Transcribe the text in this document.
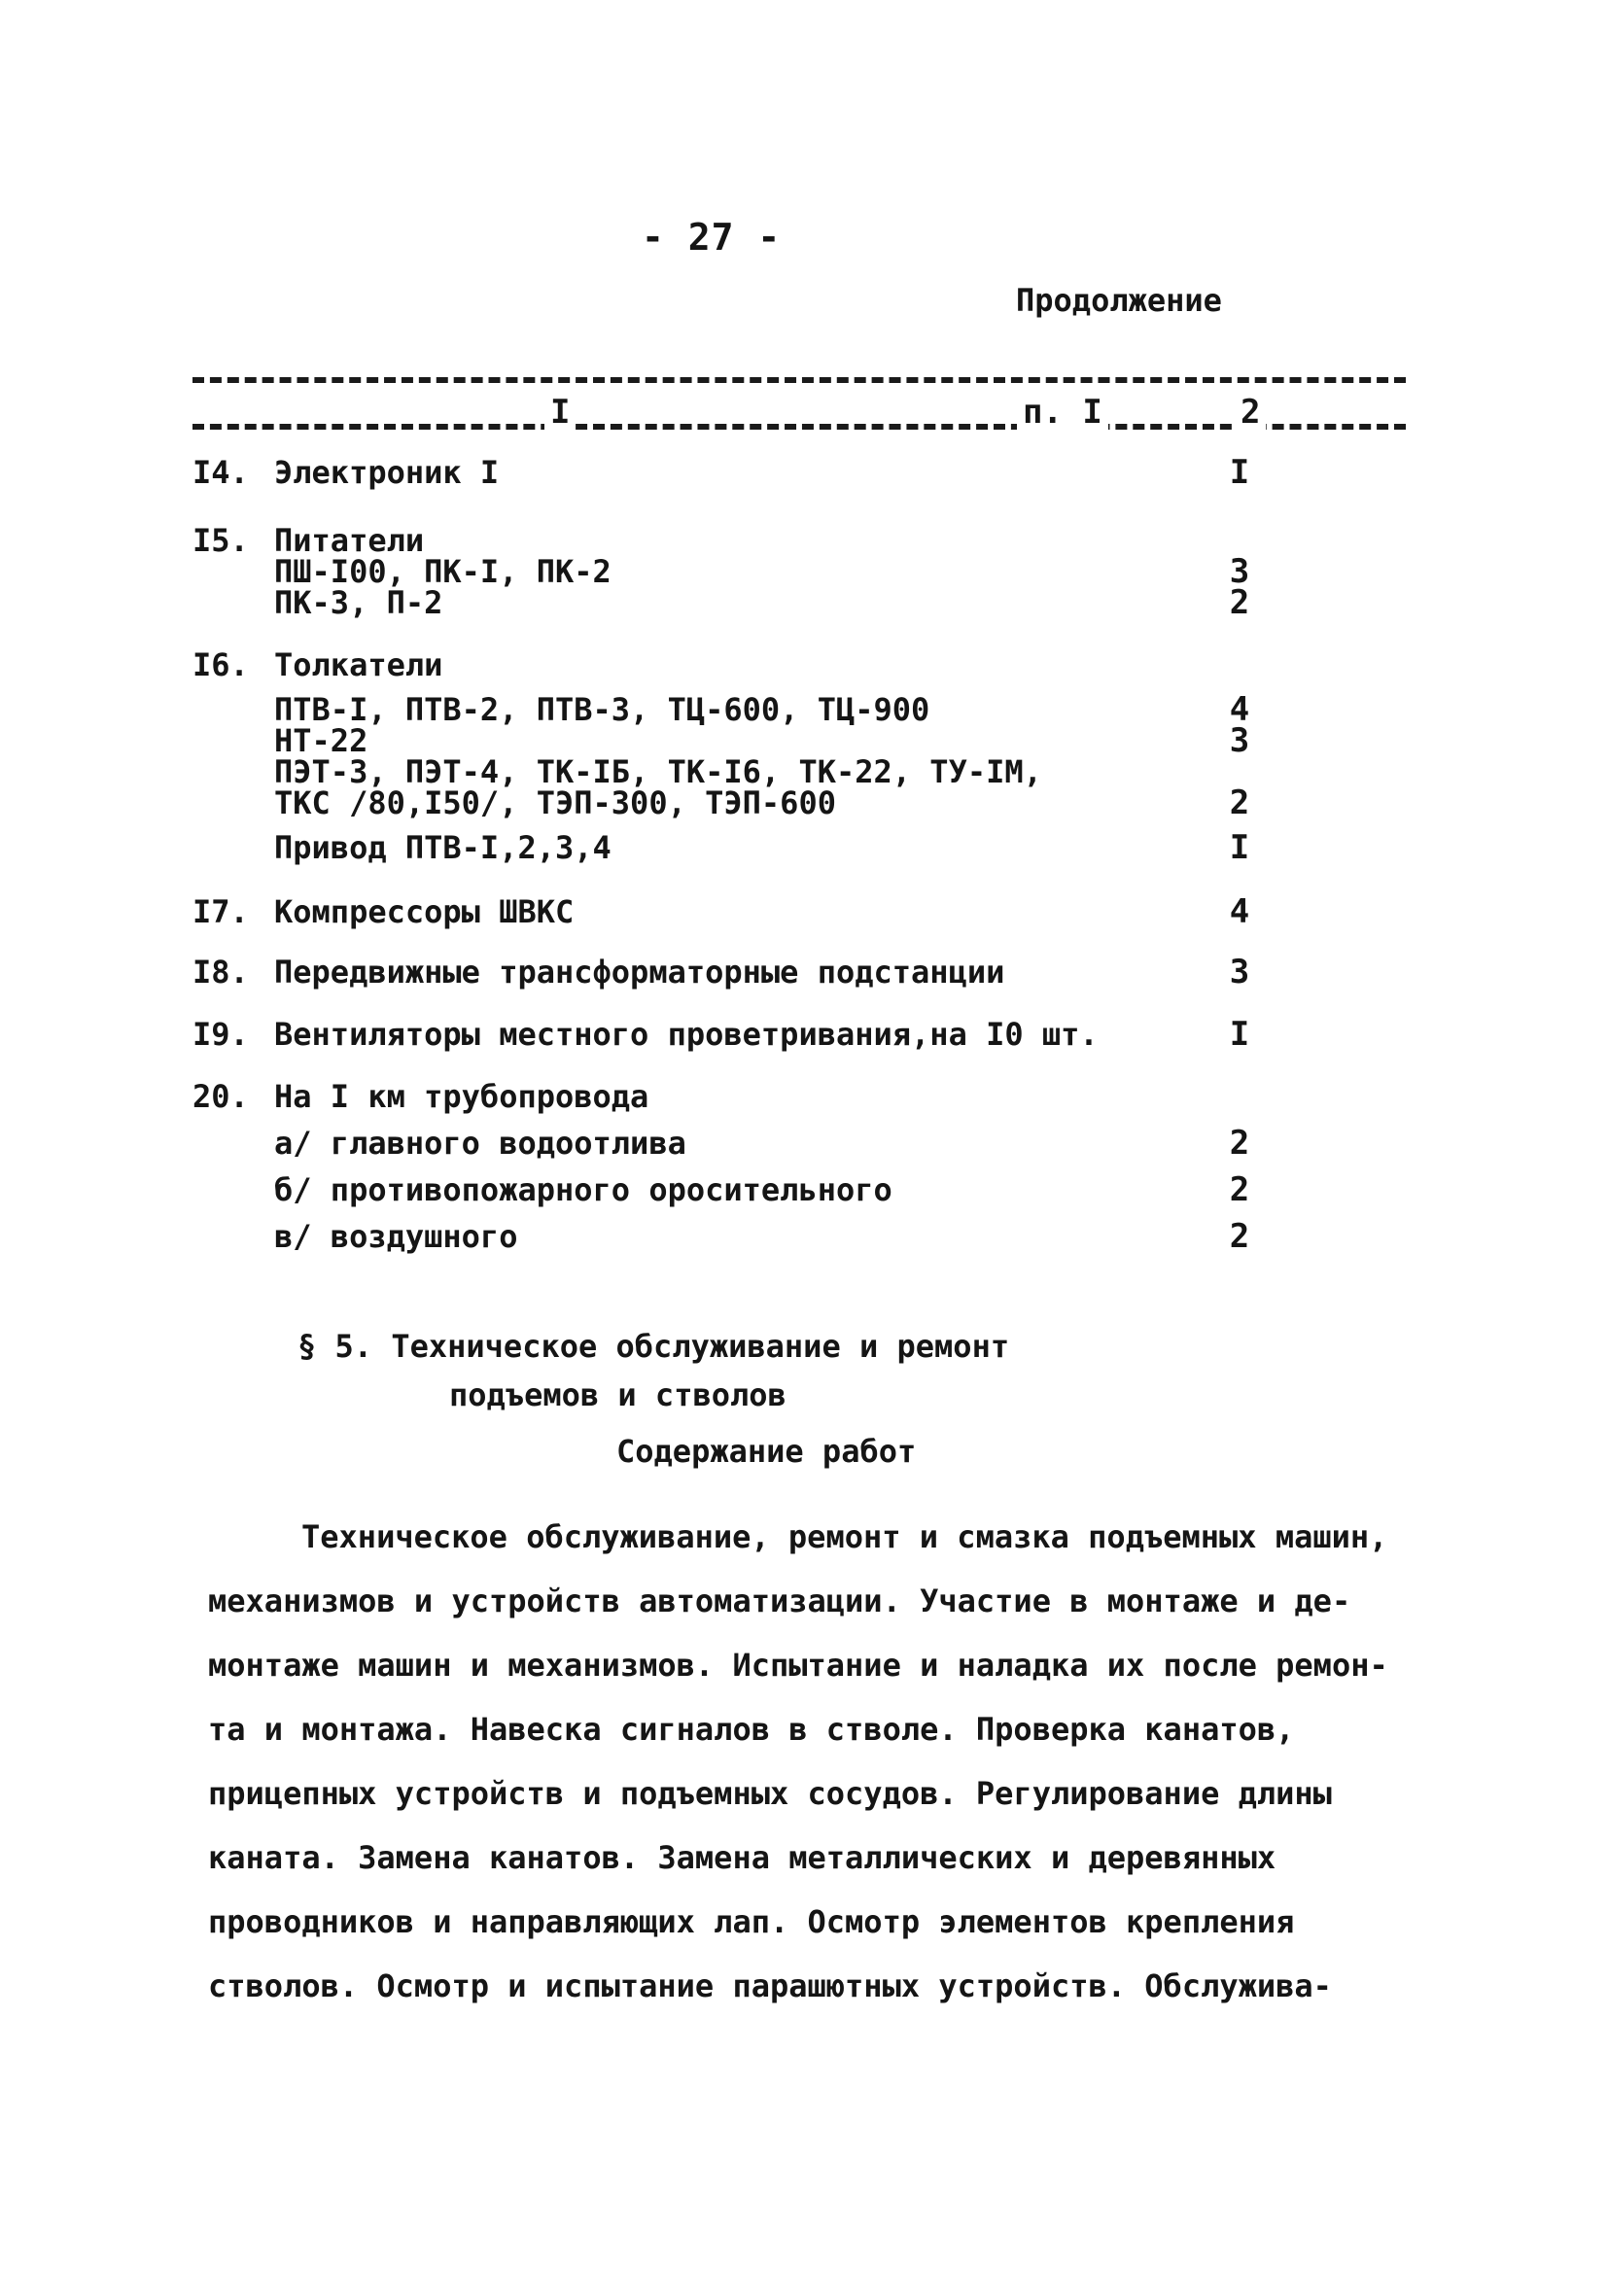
- 27 -
Продолжение
I	п. I	2
I4. Электроник I	I
I5. Питатели
ПШ-I00, ПК-I, ПК-2	3
ПК-3, П-2	2
I6. Толкатели
ПТВ-I, ПТВ-2, ПТВ-3, ТЦ-600, ТЦ-900	4
НТ-22	3
ПЭТ-3, ПЭТ-4, ТК-IБ, ТК-I6, ТК-22, ТУ-IМ,
ТКС /80,I50/, ТЭП-300, ТЭП-600	2
Привод ПТВ-I,2,3,4	I
I7. Компрессоры ШВКС	4
I8. Передвижные трансформаторные подстанции	3
I9. Вентиляторы местного проветривания,на I0 шт.	I
20. На I км трубопровода
а/ главного водоотлива	2
б/ противопожарного оросительного	2
в/ воздушного	2
§ 5. Техническое обслуживание и ремонт
подъемов и стволов
Содержание работ
Техническое обслуживание, ремонт и смазка подъемных машин,
механизмов и устройств автоматизации. Участие в монтаже и де-
монтаже машин и механизмов. Испытание и наладка их после ремон-
та и монтажа. Навеска сигналов в стволе. Проверка канатов,
прицепных устройств и подъемных сосудов. Регулирование длины
каната. Замена канатов. Замена металлических и деревянных
проводников и направляющих лап. Осмотр элементов крепления
стволов. Осмотр и испытание парашютных устройств. Обслужива-
